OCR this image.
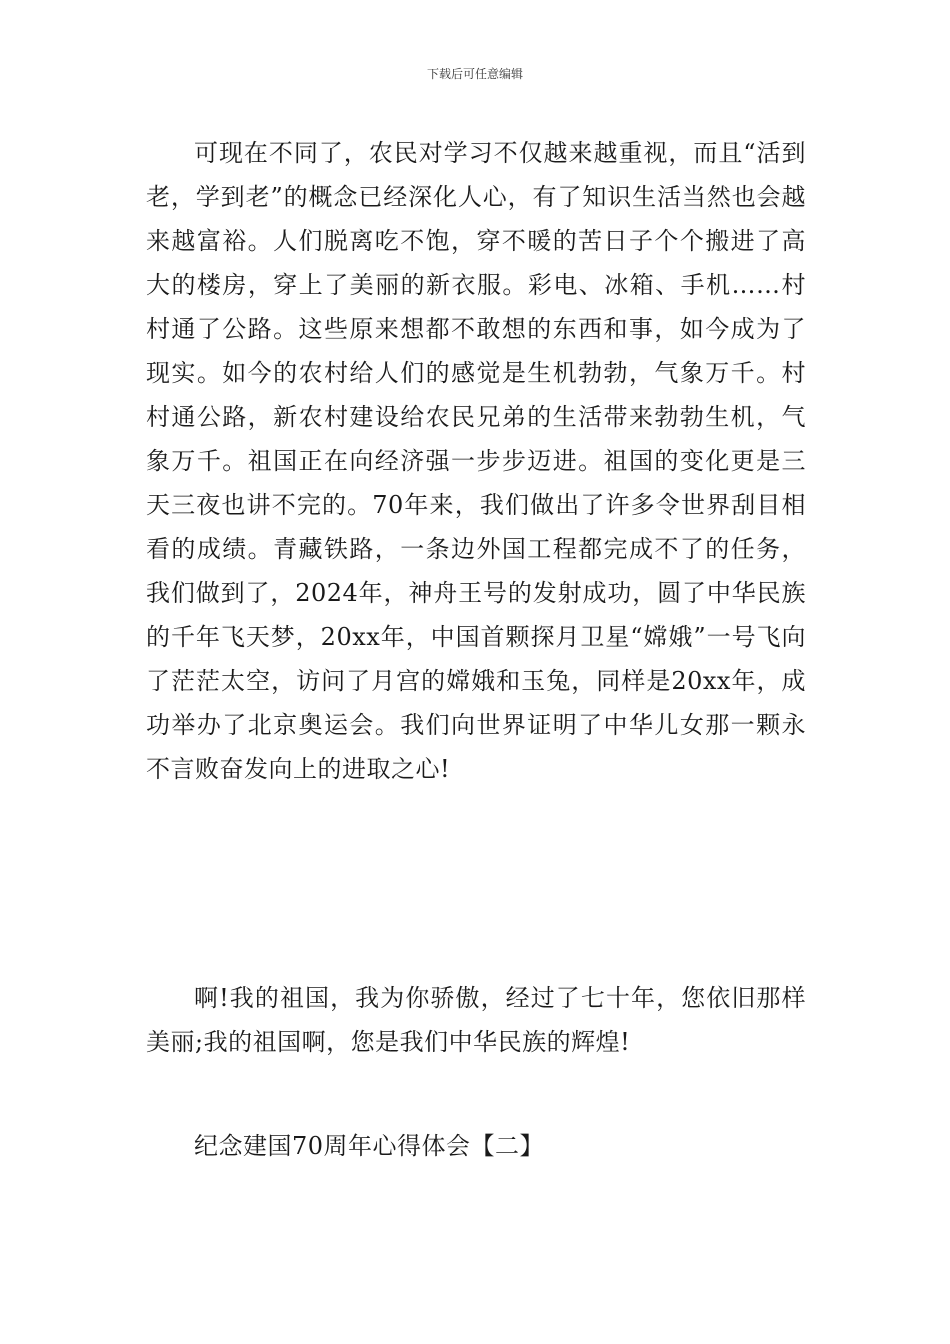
下载后可任意编辑

可现在不同了，农民对学习不仅越来越重视，而且“活到老，学到老”的概念已经深化人心，有了知识生活当然也会越来越富裕。人们脱离吃不饱，穿不暖的苦日子个个搬进了高大的楼房，穿上了美丽的新衣服。彩电、冰箱、手机……村村通了公路。这些原来想都不敢想的东西和事，如今成为了现实。如今的农村给人们的感觉是生机勃勃，气象万千。村村通公路，新农村建设给农民兄弟的生活带来勃勃生机，气象万千。祖国正在向经济强一步步迈进。祖国的变化更是三天三夜也讲不完的。70年来，我们做出了许多令世界刮目相看的成绩。青藏铁路，一条边外国工程都完成不了的任务，我们做到了，2024年，神舟王号的发射成功，圆了中华民族的千年飞天梦，20xx年，中国首颗探月卫星“嫦娥”一号飞向了茫茫太空，访问了月宫的嫦娥和玉兔，同样是20xx年，成功举办了北京奥运会。我们向世界证明了中华儿女那一颗永不言败奋发向上的进取之心!

啊!我的祖国，我为你骄傲，经过了七十年，您依旧那样美丽;我的祖国啊，您是我们中华民族的辉煌!

纪念建国70周年心得体会【二】
